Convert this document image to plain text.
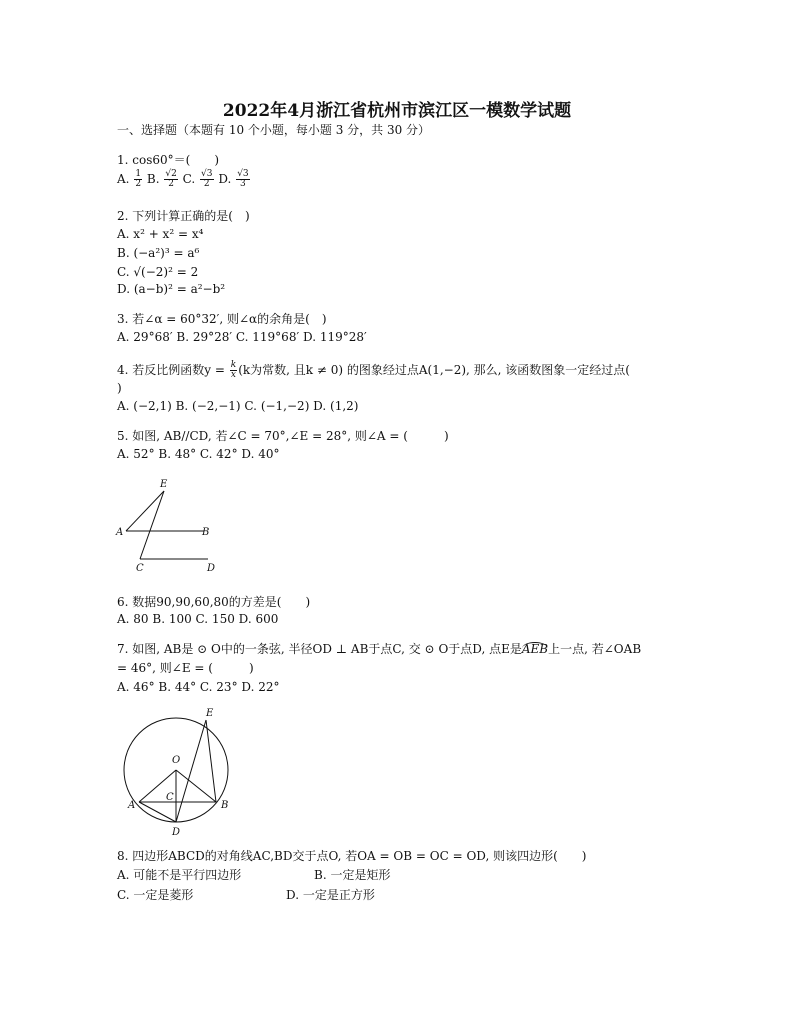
2022年4月浙江省杭州市滨江区一模数学试题
一、选择题（本题有 10 个小题，每小题 3 分，共 30 分）
1. cos60°＝(　　)
A. $\frac{1}{2} B$. $\frac{√2}{2} C$. $\frac{√3}{2} D$. $\frac{√3}{3}$
2. 下列计算正确的是(　)
A. x² + x² = x⁴
B. (−a²)³ = a⁶
C. √(−2)² = 2
D. (a−b)² = a²−b²
3. 若∠α = 60°32′, 则∠α的余角是(　)
A. 29°68′ B. 29°28′ C. 119°68′ D. 119°28′
4. 若反比例函数$y = \frac{k}{x} (k$为常数, 且k ≠ 0) 的图象经过点A(1,−2), 那么, 该函数图象一定经过点(
)
A. (−2,1) B. (−2,−1) C. (−1,−2) D. (1,2)
5. 如图, AB//CD, 若∠C = 70°,∠E = 28°, 则∠A = (　　　)
A. 52° B. 48° C. 42° D. 40°
E
A	B
C	D
6. 数据90,90,60,80的方差是(　　)
A. 80 B. 100 C. 150 D. 600
7. 如图, AB是 ⊙ O中的一条弦, 半径OD ⊥ AB于点C, 交 ⊙ O于点D, 点E是AEB上一点, 若∠OAB
= 46°, 则∠E = (　　　)
A. 46° B. 44° C. 23° D. 22°
E
O
C
A	B
D
8. 四边形ABCD的对角线AC,BD交于点O, 若OA = OB = OC = OD, 则该四边形(　　)
A. 可能不是平行四边形	B. 一定是矩形
C. 一定是菱形	D. 一定是正方形
